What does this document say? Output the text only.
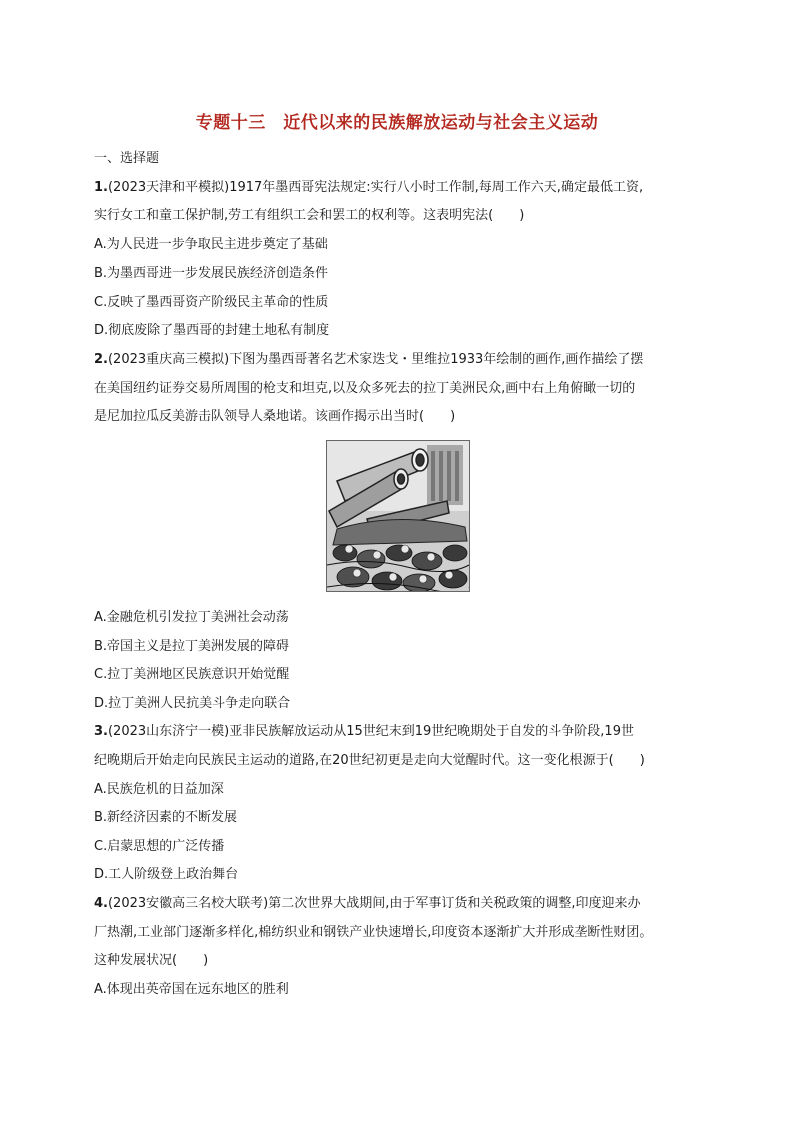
专题十三　近代以来的民族解放运动与社会主义运动
一、选择题
1.(2023天津和平模拟)1917年墨西哥宪法规定:实行八小时工作制,每周工作六天,确定最低工资,
实行女工和童工保护制,劳工有组织工会和罢工的权利等。这表明宪法(　　)
A.为人民进一步争取民主进步奠定了基础
B.为墨西哥进一步发展民族经济创造条件
C.反映了墨西哥资产阶级民主革命的性质
D.彻底废除了墨西哥的封建土地私有制度
2.(2023重庆高三模拟)下图为墨西哥著名艺术家迭戈・里维拉1933年绘制的画作,画作描绘了摆
在美国纽约证券交易所周围的枪支和坦克,以及众多死去的拉丁美洲民众,画中右上角俯瞰一切的
是尼加拉瓜反美游击队领导人桑地诺。该画作揭示出当时(　　)
A.金融危机引发拉丁美洲社会动荡
B.帝国主义是拉丁美洲发展的障碍
C.拉丁美洲地区民族意识开始觉醒
D.拉丁美洲人民抗美斗争走向联合
3.(2023山东济宁一模)亚非民族解放运动从15世纪末到19世纪晚期处于自发的斗争阶段,19世
纪晚期后开始走向民族民主运动的道路,在20世纪初更是走向大觉醒时代。这一变化根源于(　　)
A.民族危机的日益加深
B.新经济因素的不断发展
C.启蒙思想的广泛传播
D.工人阶级登上政治舞台
4.(2023安徽高三名校大联考)第二次世界大战期间,由于军事订货和关税政策的调整,印度迎来办
厂热潮,工业部门逐渐多样化,棉纺织业和钢铁产业快速增长,印度资本逐渐扩大并形成垄断性财团。
这种发展状况(　　)
A.体现出英帝国在远东地区的胜利
